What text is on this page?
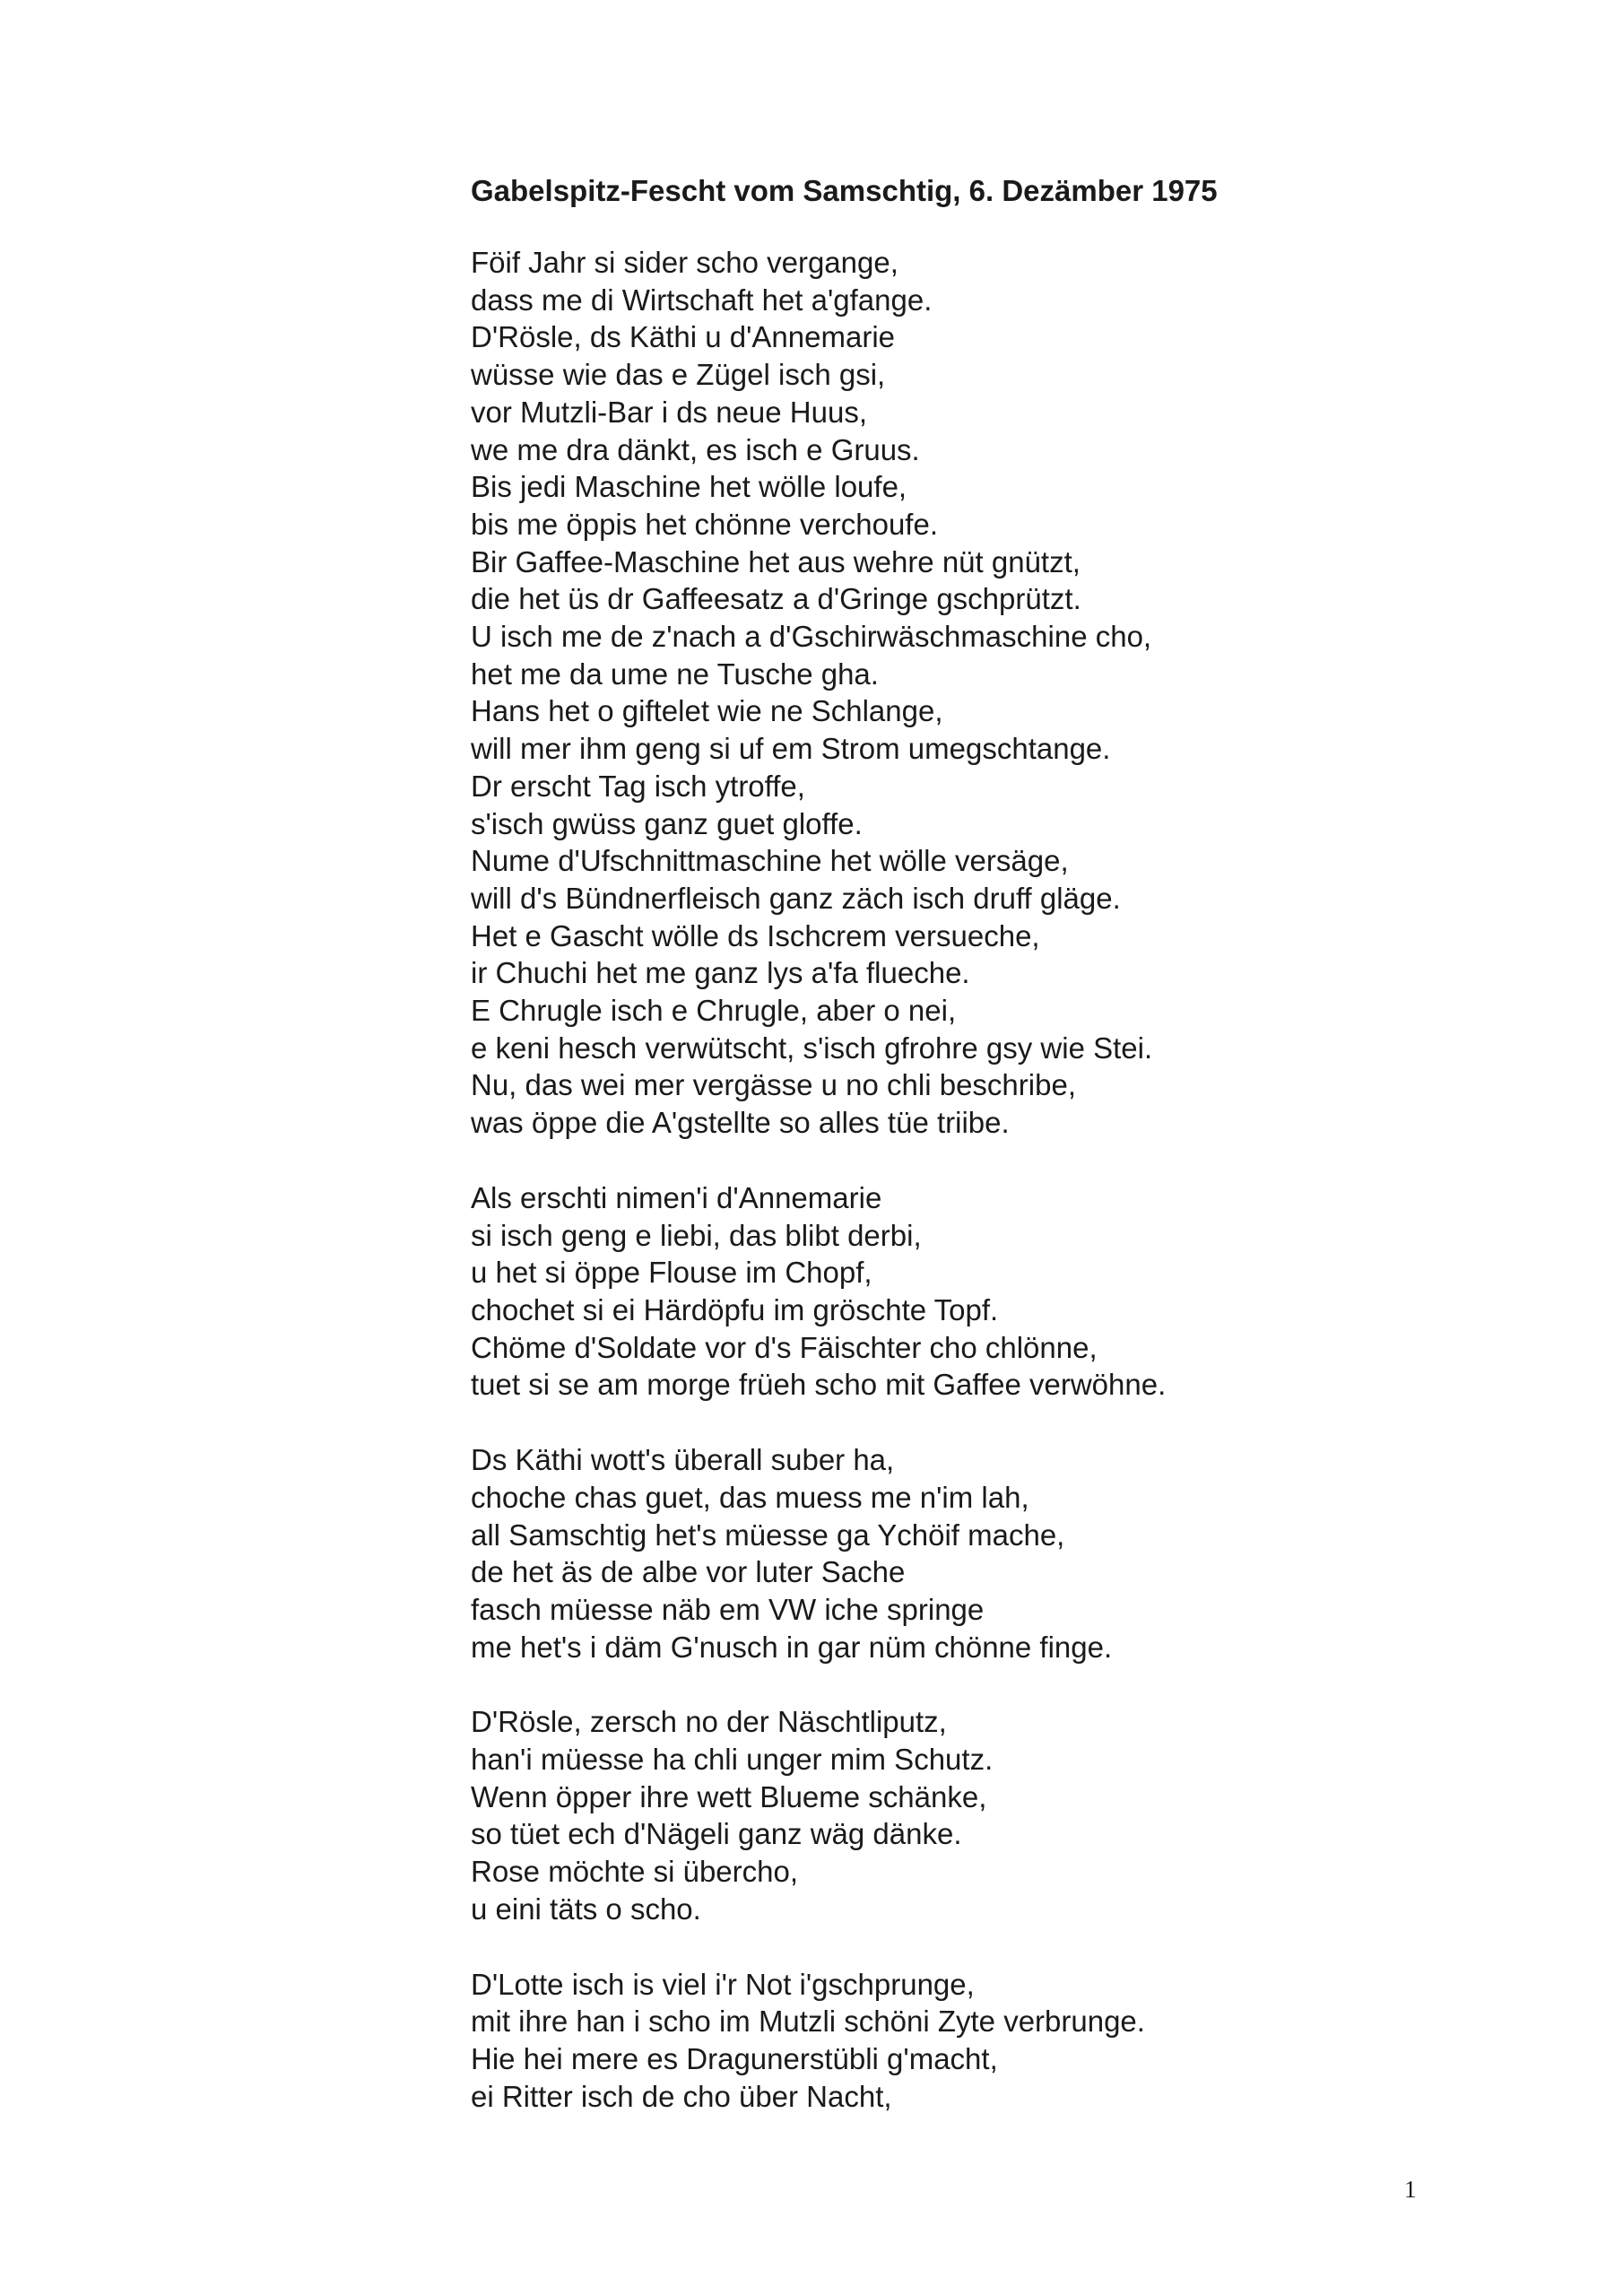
Gabelspitz-Fescht vom Samschtig, 6. Dezämber 1975
Föif Jahr si sider scho vergange,
dass me di Wirtschaft het a'gfange.
D'Rösle, ds Käthi u d'Annemarie
wüsse wie das e Zügel isch gsi,
vor Mutzli-Bar i ds neue Huus,
we me dra dänkt, es isch e Gruus.
Bis jedi Maschine het wölle loufe,
bis me öppis het chönne verchoufe.
Bir Gaffee-Maschine het aus wehre nüt gnützt,
die het üs dr Gaffeesatz a d'Gringe gschprützt.
U isch me de z'nach a d'Gschirwäschmaschine cho,
het me da ume ne Tusche gha.
Hans het o giftelet wie ne Schlange,
will mer ihm geng si uf em Strom umegschtange.
Dr erscht Tag isch ytroffe,
s'isch gwüss ganz guet gloffe.
Nume d'Ufschnittmaschine het wölle versäge,
will d's Bündnerfleisch ganz zäch isch druff gläge.
Het e Gascht wölle ds Ischcrem versueche,
ir Chuchi het me ganz lys a'fa flueche.
E Chrugle isch e Chrugle, aber o nei,
e keni hesch verwütscht, s'isch gfrohre gsy wie Stei.
Nu, das wei mer vergässe u no chli beschribe,
was öppe die A'gstellte so alles tüe triibe.
Als erschti nimen'i d'Annemarie
si isch geng e liebi, das blibt derbi,
u het si öppe Flouse im Chopf,
chochet si ei Härdöpfu im gröschte Topf.
Chöme d'Soldate vor d's Fäischter cho chlönne,
tuet si se am morge früeh scho mit Gaffee verwöhne.
Ds Käthi wott's überall suber ha,
choche chas guet, das muess me n'im lah,
all Samschtig het's müesse ga Ychöif mache,
de het äs de albe vor luter Sache
fasch müesse näb em VW iche springe
me het's i däm G'nusch in gar nüm chönne finge.
D'Rösle, zersch no der Näschtliputz,
han'i müesse ha chli unger mim Schutz.
Wenn öpper ihre wett Blueme schänke,
so tüet ech d'Nägeli ganz wäg dänke.
Rose möchte si übercho,
u eini täts o scho.
D'Lotte isch is viel i'r Not i'gschprunge,
mit ihre han i scho im Mutzli schöni Zyte verbrunge.
Hie hei mere es Dragunerstübli g'macht,
ei Ritter isch de cho über Nacht,
1
